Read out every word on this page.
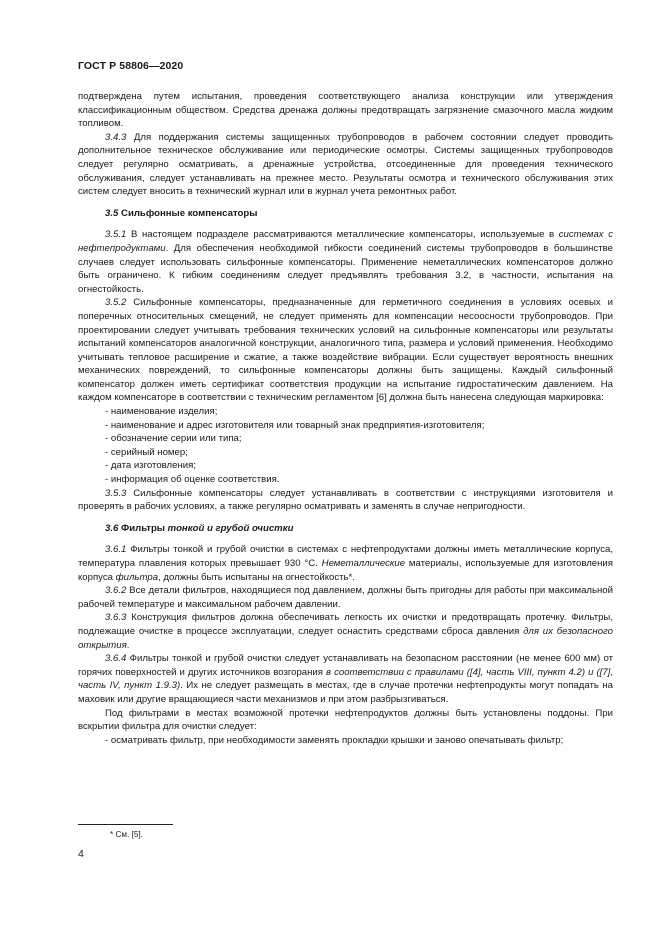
ГОСТ Р 58806—2020

подтверждена путем испытания, проведения соответствующего анализа конструкции или утверждения классификационным обществом. Средства дренажа должны предотвращать загрязнение смазочного масла жидким топливом.

3.4.3 Для поддержания системы защищенных трубопроводов в рабочем состоянии следует проводить дополнительное техническое обслуживание или периодические осмотры. Системы защищенных трубопроводов следует регулярно осматривать, а дренажные устройства, отсоединенные для проведения технического обслуживания, следует устанавливать на прежнее место. Результаты осмотра и технического обслуживания этих систем следует вносить в технический журнал или в журнал учета ремонтных работ.

3.5 Сильфонные компенсаторы

3.5.1 В настоящем подразделе рассматриваются металлические компенсаторы, используемые в системах с нефтепродуктами. Для обеспечения необходимой гибкости соединений системы трубопроводов в большинстве случаев следует использовать сильфонные компенсаторы. Применение неметаллических компенсаторов должно быть ограничено. К гибким соединениям следует предъявлять требования 3.2, в частности, испытания на огнестойкость.

3.5.2 Сильфонные компенсаторы, предназначенные для герметичного соединения в условиях осевых и поперечных относительных смещений, не следует применять для компенсации несоосности трубопроводов. При проектировании следует учитывать требования технических условий на сильфонные компенсаторы или результаты испытаний компенсаторов аналогичной конструкции, аналогичного типа, размера и условий применения. Необходимо учитывать тепловое расширение и сжатие, а также воздействие вибрации. Если существует вероятность внешних механических повреждений, то сильфонные компенсаторы должны быть защищены. Каждый сильфонный компенсатор должен иметь сертификат соответствия продукции на испытание гидростатическим давлением. На каждом компенсаторе в соответствии с техническим регламентом [6] должна быть нанесена следующая маркировка:

- наименование изделия;

- наименование и адрес изготовителя или товарный знак предприятия-изготовителя;

- обозначение серии или типа;

- серийный номер;

- дата изготовления;

- информация об оценке соответствия.

3.5.3 Сильфонные компенсаторы следует устанавливать в соответствии с инструкциями изготовителя и проверять в рабочих условиях, а также регулярно осматривать и заменять в случае непригодности.

3.6 Фильтры тонкой и грубой очистки

3.6.1 Фильтры тонкой и грубой очистки в системах с нефтепродуктами должны иметь металлические корпуса, температура плавления которых превышает 930 °С. Неметаллические материалы, используемые для изготовления корпуса фильтра, должны быть испытаны на огнестойкость*.

3.6.2 Все детали фильтров, находящиеся под давлением, должны быть пригодны для работы при максимальной рабочей температуре и максимальном рабочем давлении.

3.6.3 Конструкция фильтров должна обеспечивать легкость их очистки и предотвращать протечку. Фильтры, подлежащие очистке в процессе эксплуатации, следует оснастить средствами сброса давления для их безопасного открытия.

3.6.4 Фильтры тонкой и грубой очистки следует устанавливать на безопасном расстоянии (не менее 600 мм) от горячих поверхностей и других источников возгорания в соответствии с правилами ([4], часть VIII, пункт 4.2) и ([7], часть IV, пункт 1.9.3). Их не следует размещать в местах, где в случае протечки нефтепродукты могут попадать на маховик или другие вращающиеся части механизмов и при этом разбрызгиваться.

Под фильтрами в местах возможной протечки нефтепродуктов должны быть установлены поддоны. При вскрытии фильтра для очистки следует:

- осматривать фильтр, при необходимости заменять прокладки крышки и заново опечатывать фильтр;

* См. [5].
4
